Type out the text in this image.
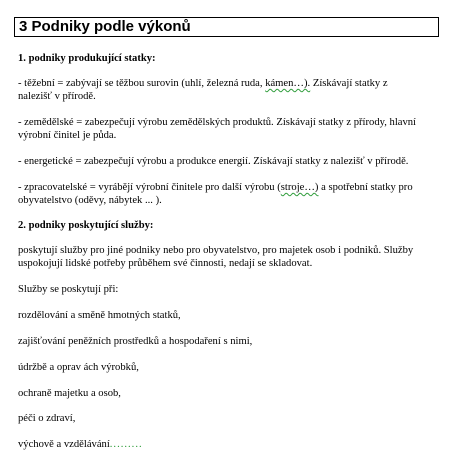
3 Podniky podle výkonů
1. podniky produkující statky:
- těžební = zabývají se těžbou surovin (uhlí, železná ruda, kámen…). Získávají statky z
nalezišť v přírodě.
- zemědělské = zabezpečují výrobu zemědělských produktů. Získávají statky z přírody, hlavní
výrobní činitel je půda.
- energetické = zabezpečují výrobu a produkce energií. Získávají statky z nalezišť v přírodě.
- zpracovatelské = vyrábějí výrobní činitele pro další výrobu (stroje…) a spotřební statky pro
obyvatelstvo (oděvy, nábytek ... ).
2. podniky poskytující služby:
poskytují služby pro jiné podniky nebo pro obyvatelstvo, pro majetek osob i podniků. Služby
uspokojují lidské potřeby průběhem své činnosti, nedají se skladovat.
Služby se poskytují při:
rozdělování a směně hmotných statků,
zajišťování peněžních prostředků a hospodaření s nimi,
údržbě a oprav ách výrobků,
ochraně majetku a osob,
péči o zdraví,
výchově a vzdělávání.........
